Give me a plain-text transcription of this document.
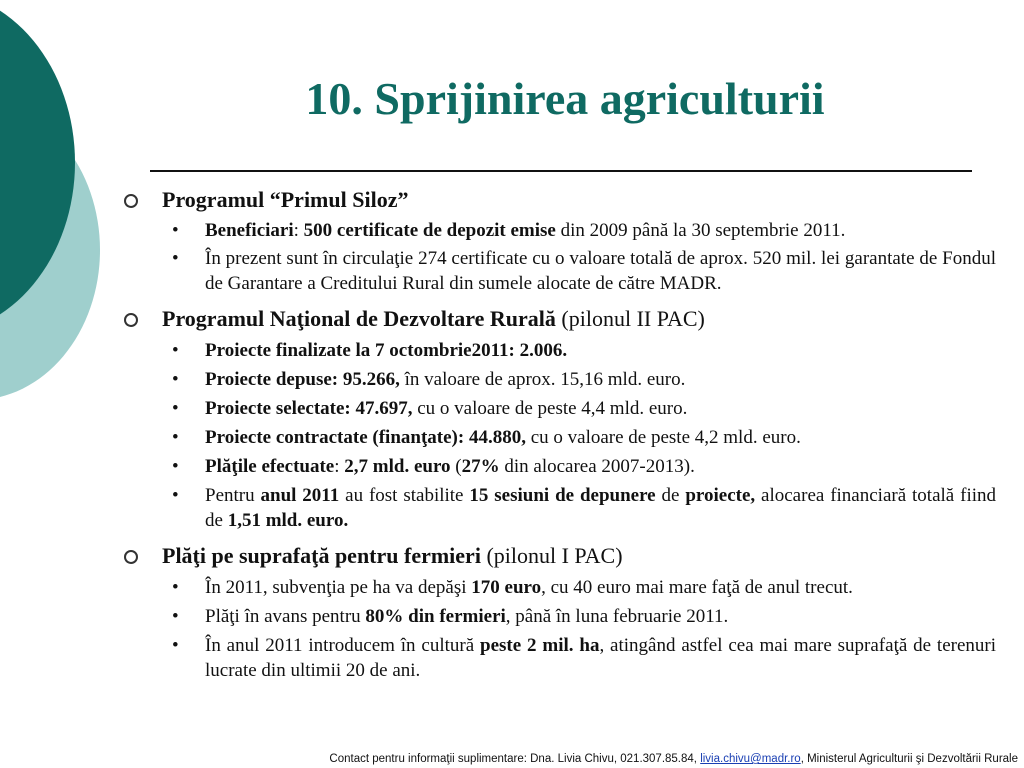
10. Sprijinirea agriculturii
Programul “Primul Siloz”
• Beneficiari: 500 certificate de depozit emise din 2009 până la 30 septembrie 2011.
• În prezent sunt în circulaţie 274 certificate cu o valoare totală de aprox. 520 mil. lei garantate de Fondul de Garantare a Creditului Rural din sumele alocate de către MADR.
Programul Naţional de Dezvoltare Rurală (pilonul II PAC)
• Proiecte finalizate la 7 octombrie2011: 2.006.
• Proiecte depuse: 95.266, în valoare de aprox. 15,16 mld. euro.
• Proiecte selectate: 47.697, cu o valoare de peste 4,4 mld. euro.
• Proiecte contractate (finanţate): 44.880, cu o valoare de peste 4,2 mld. euro.
• Plăţile efectuate: 2,7 mld. euro (27% din alocarea 2007-2013).
• Pentru anul 2011 au fost stabilite 15 sesiuni de depunere de proiecte, alocarea financiară totală fiind de 1,51 mld. euro.
Plăţi pe suprafaţă pentru fermieri (pilonul I PAC)
• În 2011, subvenţia pe ha va depăşi 170 euro, cu 40 euro mai mare faţă de anul trecut.
• Plăţi în avans pentru 80% din fermieri, până în luna februarie 2011.
• În anul 2011 introducem în cultură peste 2 mil. ha, atingând astfel cea mai mare suprafaţă de terenuri lucrate din ultimii 20 de ani.
Contact pentru informaţii suplimentare: Dna. Livia Chivu, 021.307.85.84, livia.chivu@madr.ro, Ministerul Agriculturii şi Dezvoltării Rurale
